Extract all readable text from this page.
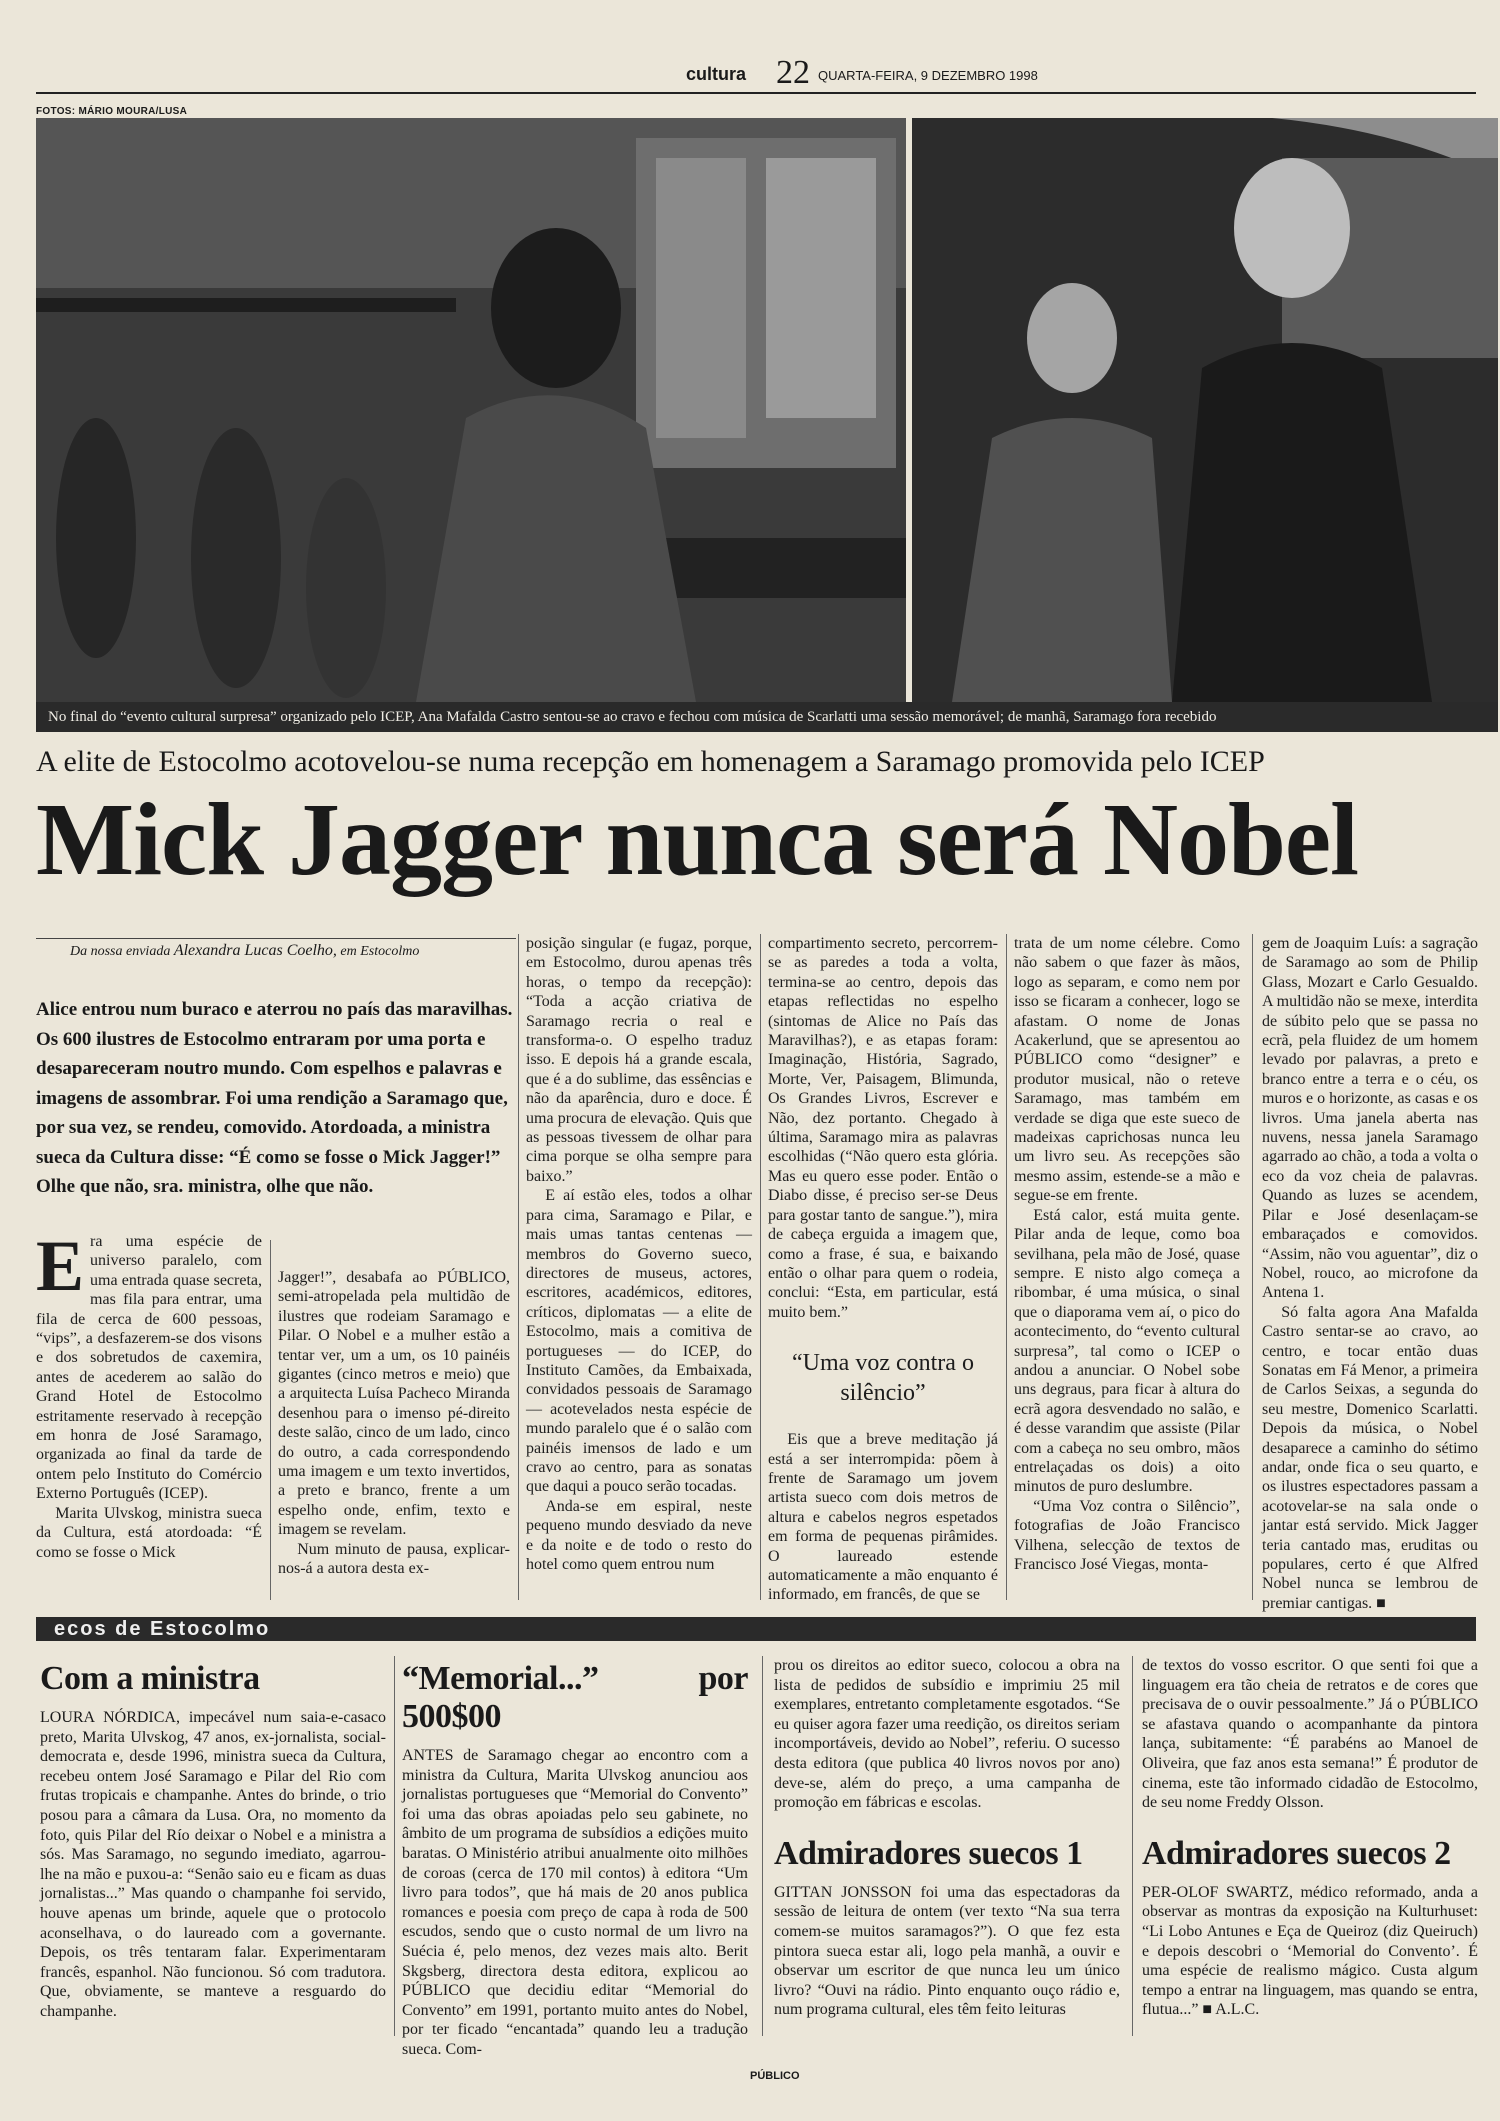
cultura 22 QUARTA-FEIRA, 9 DEZEMBRO 1998
FOTOS: MÁRIO MOURA/LUSA
No final do “evento cultural surpresa” organizado pelo ICEP, Ana Mafalda Castro sentou-se ao cravo e fechou com música de Scarlatti uma sessão memorável; de manhã, Saramago fora recebido
A elite de Estocolmo acotovelou-se numa recepção em homenagem a Saramago promovida pelo ICEP
Mick Jagger nunca será Nobel
Da nossa enviada Alexandra Lucas Coelho, em Estocolmo
Alice entrou num buraco e aterrou no país das maravilhas. Os 600 ilustres de Estocolmo entraram por uma porta e desapareceram noutro mundo. Com espelhos e palavras e imagens de assombrar. Foi uma rendição a Saramago que, por sua vez, se rendeu, comovido. Atordoada, a ministra sueca da Cultura disse: “É como se fosse o Mick Jagger!” Olhe que não, sra. ministra, olhe que não.

Era uma espécie de universo paralelo, com uma entrada quase secreta, mas fila para entrar, uma fila de cerca de 600 pessoas, “vips”, a desfazerem-se dos visons e dos sobretudos de caxemira, antes de acederem ao salão do Grand Hotel de Estocolmo estritamente reservado à recepção em honra de José Saramago, organizada ao final da tarde de ontem pelo Instituto do Comércio Externo Português (ICEP).

Marita Ulvskog, ministra sueca da Cultura, está atordoada: “É como se fosse o Mick

Jagger!”, desabafa ao PÚBLICO, semi-atropelada pela multidão de ilustres que rodeiam Saramago e Pilar. O Nobel e a mulher estão a tentar ver, um a um, os 10 painéis gigantes (cinco metros e meio) que a arquitecta Luísa Pacheco Miranda desenhou para o imenso pé-direito deste salão, cinco de um lado, cinco do outro, a cada correspondendo uma imagem e um texto invertidos, a preto e branco, frente a um espelho onde, enfim, texto e imagem se revelam.

Num minuto de pausa, explicar-nos-á a autora desta ex-

posição singular (e fugaz, porque, em Estocolmo, durou apenas três horas, o tempo da recepção): “Toda a acção criativa de Saramago recria o real e transforma-o. O espelho traduz isso. E depois há a grande escala, que é a do sublime, das essências e não da aparência, duro e doce. É uma procura de elevação. Quis que as pessoas tivessem de olhar para cima porque se olha sempre para baixo.”

E aí estão eles, todos a olhar para cima, Saramago e Pilar, e mais umas tantas centenas — membros do Governo sueco, directores de museus, actores, escritores, académicos, editores, críticos, diplomatas — a elite de Estocolmo, mais a comitiva de portugueses — do ICEP, do Instituto Camões, da Embaixada, convidados pessoais de Saramago — acotevelados nesta espécie de mundo paralelo que é o salão com painéis imensos de lado e um cravo ao centro, para as sonatas que daqui a pouco serão tocadas.

Anda-se em espiral, neste pequeno mundo desviado da neve e da noite e de todo o resto do hotel como quem entrou num

compartimento secreto, percorrem-se as paredes a toda a volta, termina-se ao centro, depois das etapas reflectidas no espelho (sintomas de Alice no País das Maravilhas?), e as etapas foram: Imaginação, História, Sagrado, Morte, Ver, Paisagem, Blimunda, Os Grandes Livros, Escrever e Não, dez portanto. Chegado à última, Saramago mira as palavras escolhidas (“Não quero esta glória. Mas eu quero esse poder. Então o Diabo disse, é preciso ser-se Deus para gostar tanto de sangue.”), mira de cabeça erguida a imagem que, como a frase, é sua, e baixando então o olhar para quem o rodeia, conclui: “Esta, em particular, está muito bem.”

“Uma voz contra o silêncio”

Eis que a breve meditação já está a ser interrompida: põem à frente de Saramago um jovem artista sueco com dois metros de altura e cabelos negros espetados em forma de pequenas pirâmides. O laureado estende automaticamente a mão enquanto é informado, em francês, de que se

trata de um nome célebre. Como não sabem o que fazer às mãos, logo as separam, e como nem por isso se ficaram a conhecer, logo se afastam. O nome de Jonas Acakerlund, que se apresentou ao PÚBLICO como “designer” e produtor musical, não o reteve Saramago, mas também em verdade se diga que este sueco de madeixas caprichosas nunca leu um livro seu. As recepções são mesmo assim, estende-se a mão e segue-se em frente.

Está calor, está muita gente. Pilar anda de leque, como boa sevilhana, pela mão de José, quase sempre. E nisto algo começa a ribombar, é uma música, o sinal que o diaporama vem aí, o pico do acontecimento, do “evento cultural surpresa”, tal como o ICEP o andou a anunciar. O Nobel sobe uns degraus, para ficar à altura do ecrã agora desvendado no salão, e é desse varandim que assiste (Pilar com a cabeça no seu ombro, mãos entrelaçadas os dois) a oito minutos de puro deslumbre.

“Uma Voz contra o Silêncio”, fotografias de João Francisco Vilhena, selecção de textos de Francisco José Viegas, monta-

gem de Joaquim Luís: a sagração de Saramago ao som de Philip Glass, Mozart e Carlo Gesualdo. A multidão não se mexe, interdita de súbito pelo que se passa no ecrã, pela fluidez de um homem levado por palavras, a preto e branco entre a terra e o céu, os muros e o horizonte, as casas e os livros. Uma janela aberta nas nuvens, nessa janela Saramago agarrado ao chão, a toda a volta o eco da voz cheia de palavras. Quando as luzes se acendem, Pilar e José desenlaçam-se embaraçados e comovidos. “Assim, não vou aguentar”, diz o Nobel, rouco, ao microfone da Antena 1.

Só falta agora Ana Mafalda Castro sentar-se ao cravo, ao centro, e tocar então duas Sonatas em Fá Menor, a primeira de Carlos Seixas, a segunda do seu mestre, Domenico Scarlatti. Depois da música, o Nobel desaparece a caminho do sétimo andar, onde fica o seu quarto, e os ilustres espectadores passam a acotovelar-se na sala onde o jantar está servido. Mick Jagger teria cantado mas, eruditas ou populares, certo é que Alfred Nobel nunca se lembrou de premiar cantigas. ■

ecos de Estocolmo
Com a ministra

LOURA NÓRDICA, impecável num saia-e-casaco preto, Marita Ulvskog, 47 anos, ex-jornalista, social-democrata e, desde 1996, ministra sueca da Cultura, recebeu ontem José Saramago e Pilar del Rio com frutas tropicais e champanhe. Antes do brinde, o trio posou para a câmara da Lusa. Ora, no momento da foto, quis Pilar del Río deixar o Nobel e a ministra a sós. Mas Saramago, no segundo imediato, agarrou-lhe na mão e puxou-a: “Senão saio eu e ficam as duas jornalistas...” Mas quando o champanhe foi servido, houve apenas um brinde, aquele que o protocolo aconselhava, o do laureado com a governante. Depois, os três tentaram falar. Experimentaram francês, espanhol. Não funcionou. Só com tradutora. Que, obviamente, se manteve a resguardo do champanhe.

“Memorial...” por 500$00

ANTES de Saramago chegar ao encontro com a ministra da Cultura, Marita Ulvskog anunciou aos jornalistas portugueses que “Memorial do Convento” foi uma das obras apoiadas pelo seu gabinete, no âmbito de um programa de subsídios a edições muito baratas. O Ministério atribui anualmente oito milhões de coroas (cerca de 170 mil contos) à editora “Um livro para todos”, que há mais de 20 anos publica romances e poesia com preço de capa à roda de 500 escudos, sendo que o custo normal de um livro na Suécia é, pelo menos, dez vezes mais alto. Berit Skgsberg, directora desta editora, explicou ao PÚBLICO que decidiu editar “Memorial do Convento” em 1991, portanto muito antes do Nobel, por ter ficado “encantada” quando leu a tradução sueca. Com-

prou os direitos ao editor sueco, colocou a obra na lista de pedidos de subsídio e imprimiu 25 mil exemplares, entretanto completamente esgotados. “Se eu quiser agora fazer uma reedição, os direitos seriam incomportáveis, devido ao Nobel”, referiu. O sucesso desta editora (que publica 40 livros novos por ano) deve-se, além do preço, a uma campanha de promoção em fábricas e escolas.

Admiradores suecos 1

GITTAN JONSSON foi uma das espectadoras da sessão de leitura de ontem (ver texto “Na sua terra comem-se muitos saramagos?”). O que fez esta pintora sueca estar ali, logo pela manhã, a ouvir e observar um escritor de que nunca leu um único livro? “Ouvi na rádio. Pinto enquanto ouço rádio e, num programa cultural, eles têm feito leituras

de textos do vosso escritor. O que senti foi que a linguagem era tão cheia de retratos e de cores que precisava de o ouvir pessoalmente.” Já o PÚBLICO se afastava quando o acompanhante da pintora lança, subitamente: “É parabéns ao Manoel de Oliveira, que faz anos esta semana!” É produtor de cinema, este tão informado cidadão de Estocolmo, de seu nome Freddy Olsson.

Admiradores suecos 2

PER-OLOF SWARTZ, médico reformado, anda a observar as montras da exposição na Kulturhuset: “Li Lobo Antunes e Eça de Queiroz (diz Queiruch) e depois descobri o ‘Memorial do Convento’. É uma espécie de realismo mágico. Custa algum tempo a entrar na linguagem, mas quando se entra, flutua...” ■ A.L.C.

PÚBLICO
